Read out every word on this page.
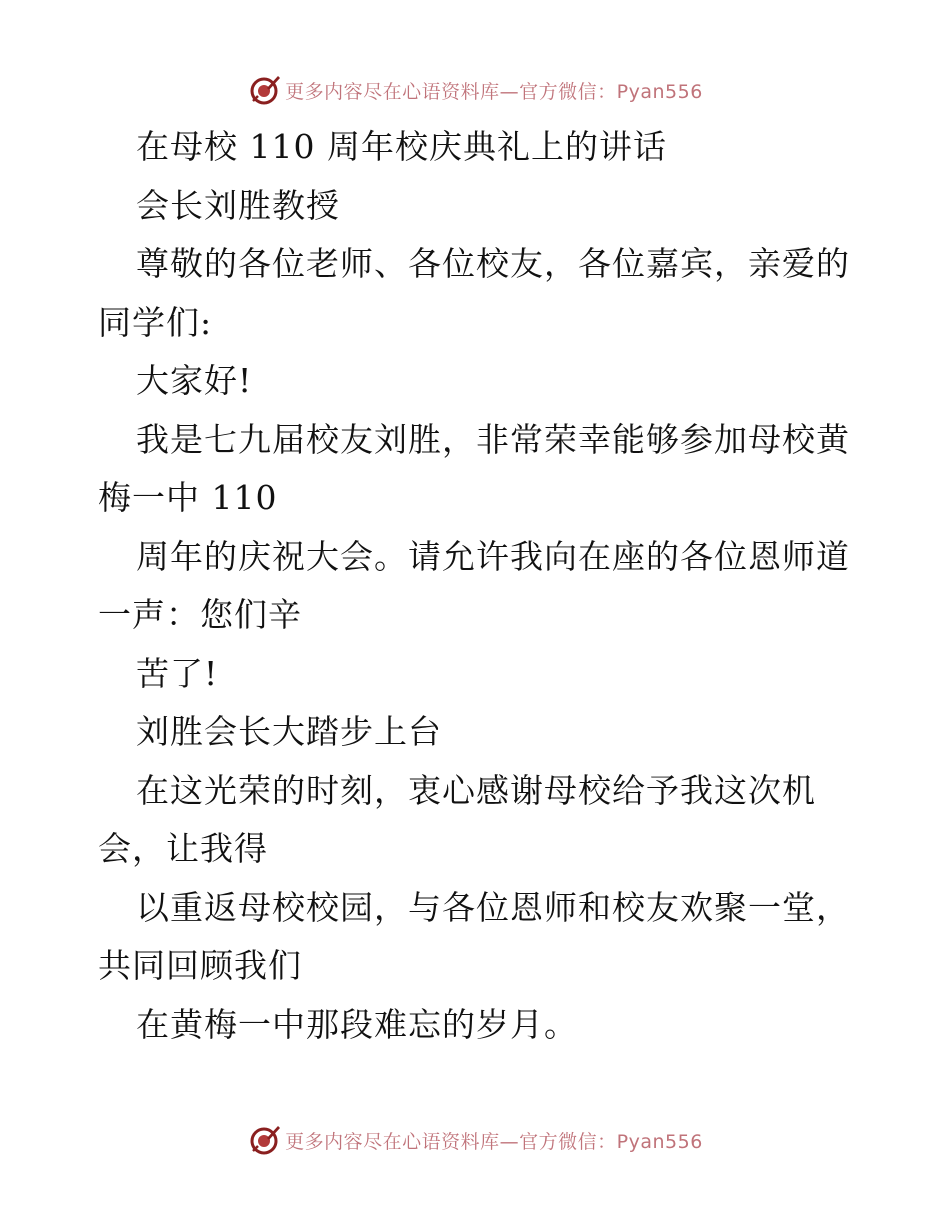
更多内容尽在心语资料库—官方微信：Pyan556
在母校 110 周年校庆典礼上的讲话
会长刘胜教授
尊敬的各位老师、各位校友，各位嘉宾，亲爱的
同学们:
大家好!
我是七九届校友刘胜，非常荣幸能够参加母校黄
梅一中 110
周年的庆祝大会。请允许我向在座的各位恩师道
一声：您们辛
苦了!
刘胜会长大踏步上台
在这光荣的时刻，衷心感谢母校给予我这次机
会，让我得
以重返母校校园，与各位恩师和校友欢聚一堂，
共同回顾我们
在黄梅一中那段难忘的岁月。
更多内容尽在心语资料库—官方微信：Pyan556
